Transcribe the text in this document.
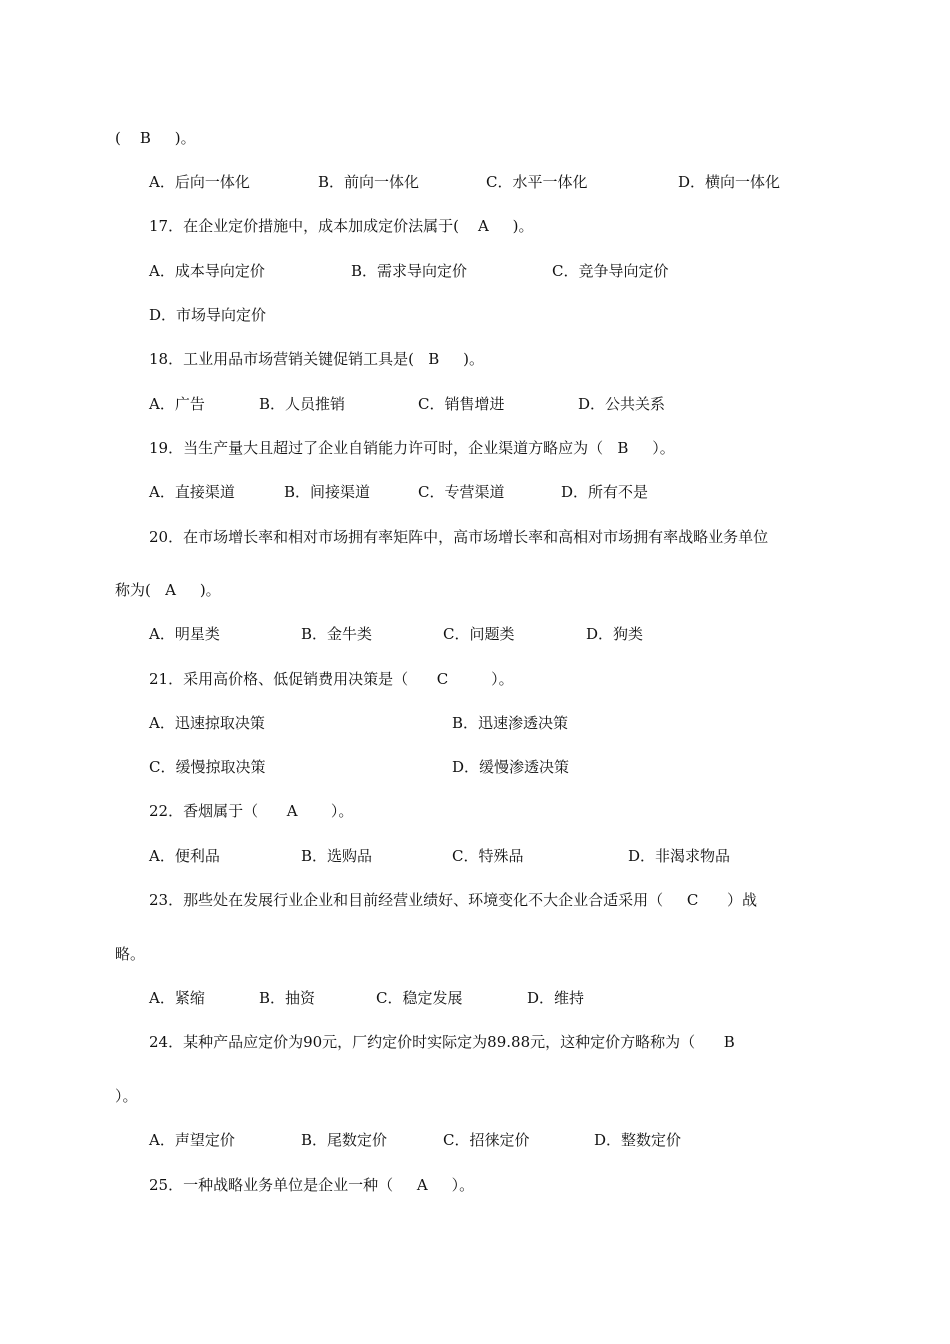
(    B     )。
A．后向一体化	B．前向一体化	C．水平一体化	D．横向一体化
17．在企业定价措施中，成本加成定价法属于(    A     )。
A．成本导向定价	B．需求导向定价	C．竞争导向定价
D．市场导向定价
18．工业用品市场营销关键促销工具是(   B     )。
A．广告	B．人员推销	C．销售增进	D．公共关系
19．当生产量大且超过了企业自销能力许可时，企业渠道方略应为（   B     ）。
A．直接渠道	B．间接渠道	C．专营渠道	D．所有不是
20．在市场增长率和相对市场拥有率矩阵中，高市场增长率和高相对市场拥有率战略业务单位
称为(   A     )。
A．明星类	B．金牛类	C．问题类	D．狗类
21．采用高价格、低促销费用决策是（      C         ）。
A．迅速掠取决策	B．迅速渗透决策
C．缓慢掠取决策	D．缓慢渗透决策
22．香烟属于（      A       ）。
A．便利品	B．选购品	C．特殊品	D．非渴求物品
23．那些处在发展行业企业和目前经营业绩好、环境变化不大企业合适采用（     C      ）战
略。
A．紧缩	B．抽资	C．稳定发展	D．维持
24．某种产品应定价为90元，厂约定价时实际定为89.88元，这种定价方略称为（      B
）。
A．声望定价	B．尾数定价	C．招徕定价	D．整数定价
25．一种战略业务单位是企业一种（     A     ）。
